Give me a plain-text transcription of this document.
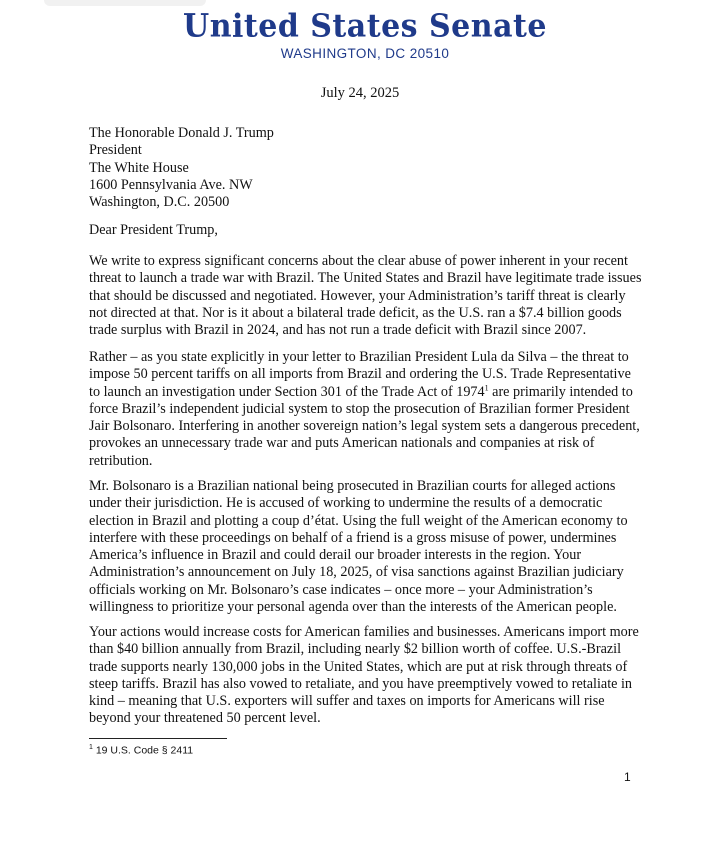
United States Senate
WASHINGTON, DC 20510
July 24, 2025
The Honorable Donald J. Trump
President
The White House
1600 Pennsylvania Ave. NW
Washington, D.C. 20500
Dear President Trump,
We write to express significant concerns about the clear abuse of power inherent in your recent
threat to launch a trade war with Brazil. The United States and Brazil have legitimate trade issues
that should be discussed and negotiated. However, your Administration’s tariff threat is clearly
not directed at that. Nor is it about a bilateral trade deficit, as the U.S. ran a $7.4 billion goods
trade surplus with Brazil in 2024, and has not run a trade deficit with Brazil since 2007.
Rather – as you state explicitly in your letter to Brazilian President Lula da Silva – the threat to
impose 50 percent tariffs on all imports from Brazil and ordering the U.S. Trade Representative
to launch an investigation under Section 301 of the Trade Act of 1974$^1$ are primarily intended to
force Brazil’s independent judicial system to stop the prosecution of Brazilian former President
Jair Bolsonaro. Interfering in another sovereign nation’s legal system sets a dangerous precedent,
provokes an unnecessary trade war and puts American nationals and companies at risk of
retribution.
Mr. Bolsonaro is a Brazilian national being prosecuted in Brazilian courts for alleged actions
under their jurisdiction. He is accused of working to undermine the results of a democratic
election in Brazil and plotting a coup d’état. Using the full weight of the American economy to
interfere with these proceedings on behalf of a friend is a gross misuse of power, undermines
America’s influence in Brazil and could derail our broader interests in the region. Your
Administration’s announcement on July 18, 2025, of visa sanctions against Brazilian judiciary
officials working on Mr. Bolsonaro’s case indicates – once more – your Administration’s
willingness to prioritize your personal agenda over than the interests of the American people.
Your actions would increase costs for American families and businesses. Americans import more
than $40 billion annually from Brazil, including nearly $2 billion worth of coffee. U.S.-Brazil
trade supports nearly 130,000 jobs in the United States, which are put at risk through threats of
steep tariffs. Brazil has also vowed to retaliate, and you have preemptively vowed to retaliate in
kind – meaning that U.S. exporters will suffer and taxes on imports for Americans will rise
beyond your threatened 50 percent level.
$^1$ 19 U.S. Code § 2411
1
